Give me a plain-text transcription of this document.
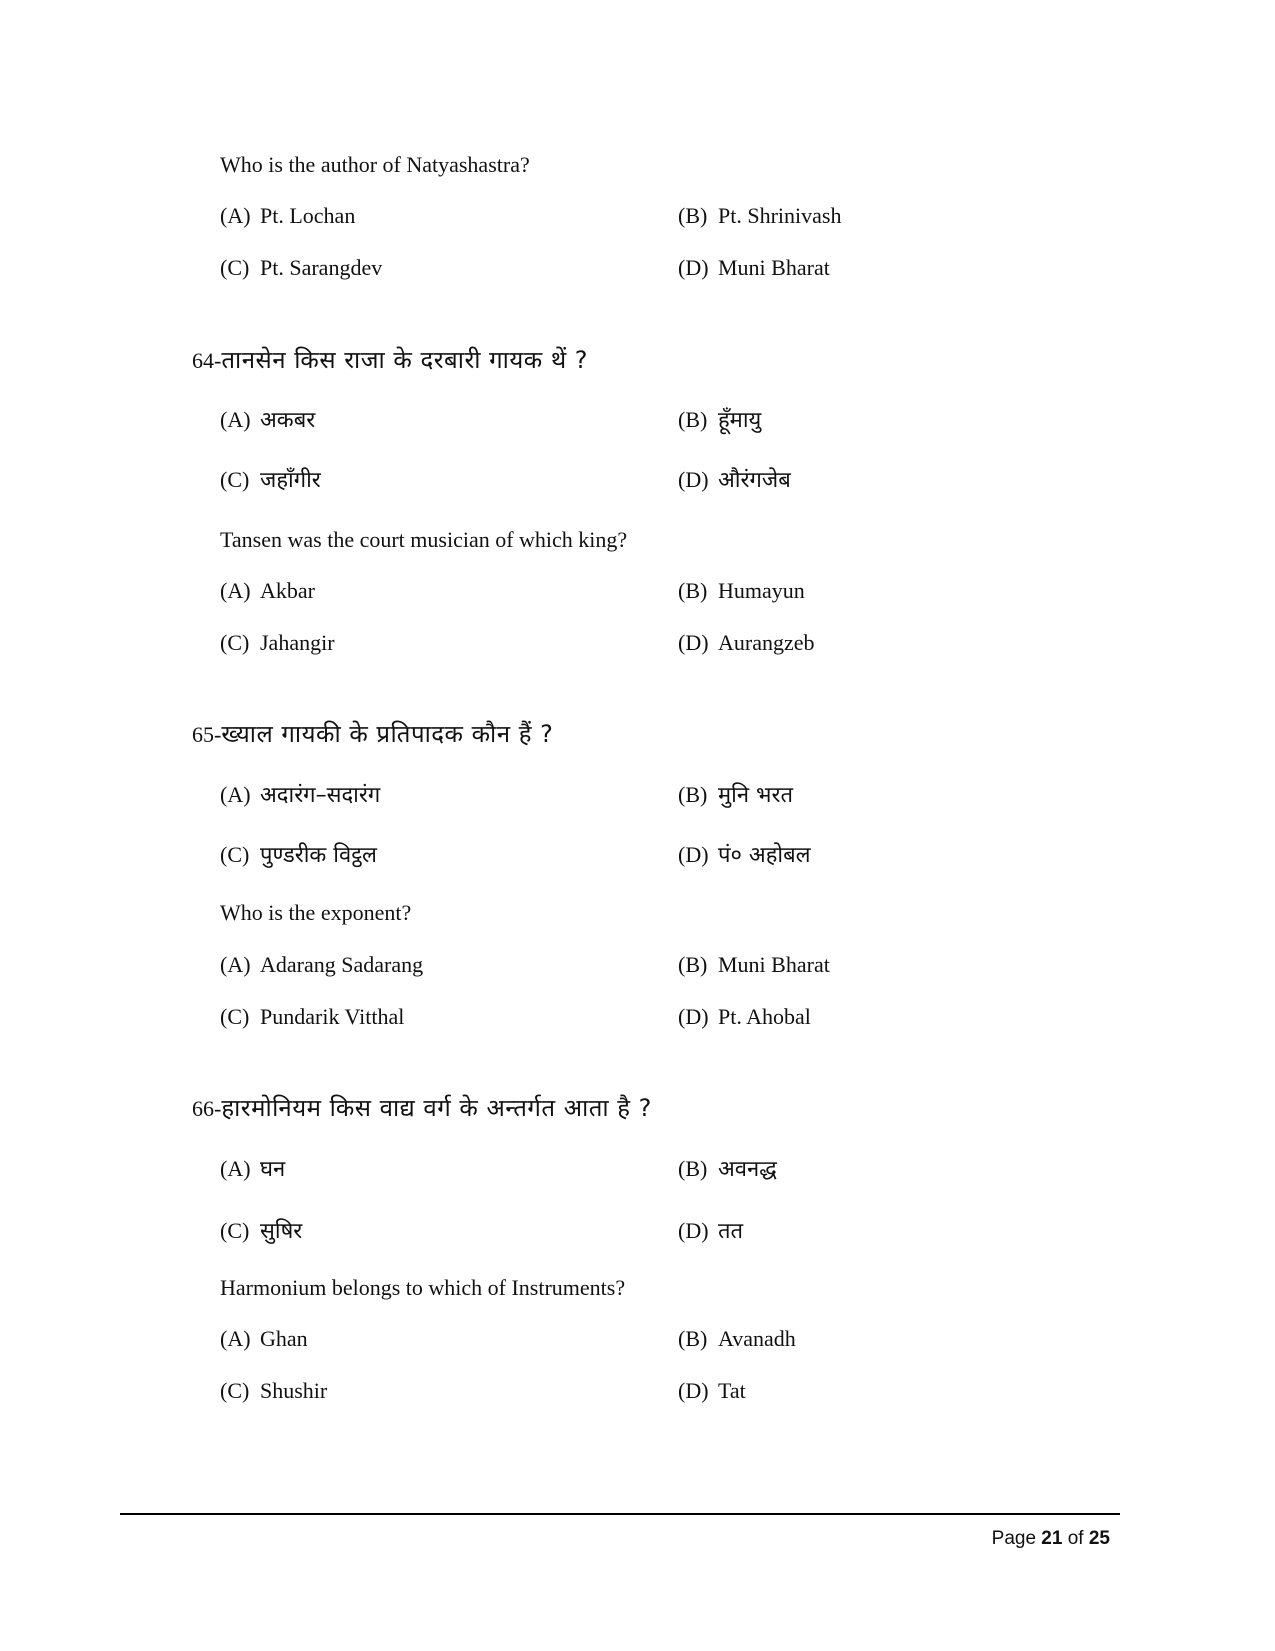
Who is the author of Natyashastra?
(A) Pt. Lochan	(B) Pt. Shrinivash
(C) Pt. Sarangdev	(D) Muni Bharat
64-तानसेन किस राजा के दरबारी गायक थें ?
(A) अकबर	(B) हूँमायु
(C) जहाँगीर	(D) औरंगजेब
Tansen was the court musician of which king?
(A) Akbar	(B) Humayun
(C) Jahangir	(D) Aurangzeb
65-ख्याल गायकी के प्रतिपादक कौन हैं ?
(A) अदारंग–सदारंग	(B) मुनि भरत
(C) पुण्डरीक विट्ठल	(D) पं० अहोबल
Who is the exponent?
(A) Adarang Sadarang	(B) Muni Bharat
(C) Pundarik Vitthal	(D) Pt. Ahobal
66-हारमोनियम किस वाद्य वर्ग के अन्तर्गत आता है ?
(A) घन	(B) अवनद्ध
(C) सुषिर	(D) तत
Harmonium belongs to which of Instruments?
(A) Ghan	(B) Avanadh
(C) Shushir	(D) Tat
Page 21 of 25
